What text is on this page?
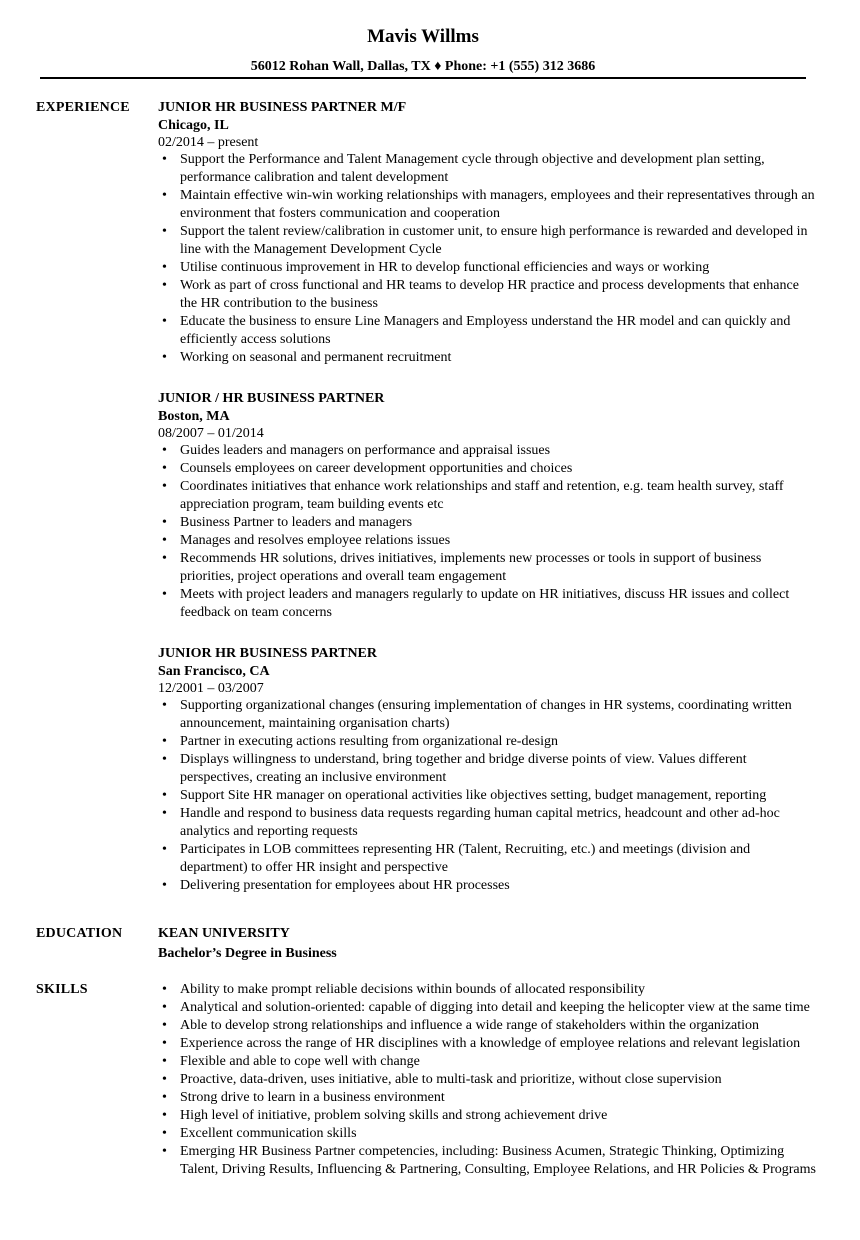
Mavis Willms
56012 Rohan Wall, Dallas, TX ♦ Phone: +1 (555) 312 3686
EXPERIENCE JUNIOR HR BUSINESS PARTNER M/F
Chicago, IL
02/2014 – present
• Support the Performance and Talent Management cycle through objective and development plan setting, performance calibration and talent development
• Maintain effective win-win working relationships with managers, employees and their representatives through an environment that fosters communication and cooperation
• Support the talent review/calibration in customer unit, to ensure high performance is rewarded and developed in line with the Management Development Cycle
• Utilise continuous improvement in HR to develop functional efficiencies and ways or working
• Work as part of cross functional and HR teams to develop HR practice and process developments that enhance the HR contribution to the business
• Educate the business to ensure Line Managers and Employess understand the HR model and can quickly and efficiently access solutions
• Working on seasonal and permanent recruitment
JUNIOR / HR BUSINESS PARTNER
Boston, MA
08/2007 – 01/2014
• Guides leaders and managers on performance and appraisal issues
• Counsels employees on career development opportunities and choices
• Coordinates initiatives that enhance work relationships and staff and retention, e.g. team health survey, staff appreciation program, team building events etc
• Business Partner to leaders and managers
• Manages and resolves employee relations issues
• Recommends HR solutions, drives initiatives, implements new processes or tools in support of business priorities, project operations and overall team engagement
• Meets with project leaders and managers regularly to update on HR initiatives, discuss HR issues and collect feedback on team concerns
JUNIOR HR BUSINESS PARTNER
San Francisco, CA
12/2001 – 03/2007
• Supporting organizational changes (ensuring implementation of changes in HR systems, coordinating written announcement, maintaining organisation charts)
• Partner in executing actions resulting from organizational re-design
• Displays willingness to understand, bring together and bridge diverse points of view. Values different perspectives, creating an inclusive environment
• Support Site HR manager on operational activities like objectives setting, budget management, reporting
• Handle and respond to business data requests regarding human capital metrics, headcount and other ad-hoc analytics and reporting requests
• Participates in LOB committees representing HR (Talent, Recruiting, etc.) and meetings (division and department) to offer HR insight and perspective
• Delivering presentation for employees about HR processes
EDUCATION	KEAN UNIVERSITY
Bachelor’s Degree in Business
SKILLS
•	Ability to make prompt reliable decisions within bounds of allocated responsibility
• Analytical and solution-oriented: capable of digging into detail and keeping the helicopter view at the same time
• Able to develop strong relationships and influence a wide range of stakeholders within the organization
• Experience across the range of HR disciplines with a knowledge of employee relations and relevant legislation
• Flexible and able to cope well with change
• Proactive, data-driven, uses initiative, able to multi-task and prioritize, without close supervision
• Strong drive to learn in a business environment
• High level of initiative, problem solving skills and strong achievement drive
• Excellent communication skills
• Emerging HR Business Partner competencies, including: Business Acumen, Strategic Thinking, Optimizing Talent, Driving Results, Influencing & Partnering, Consulting, Employee Relations, and HR Policies & Programs
